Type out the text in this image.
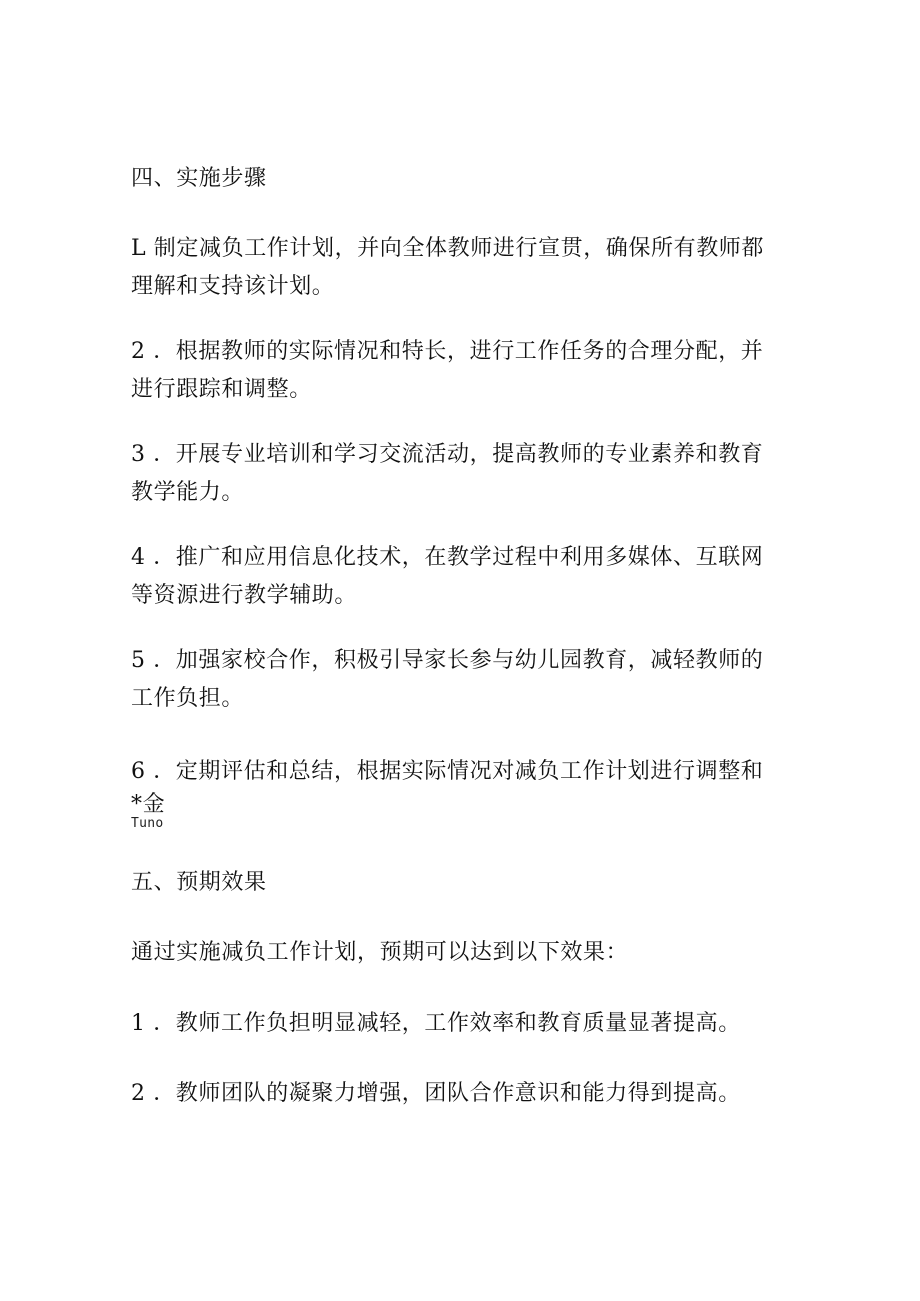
四、实施步骤
L 制定减负工作计划，并向全体教师进行宣贯，确保所有教师都
理解和支持该计划。
2 ．根据教师的实际情况和特长，进行工作任务的合理分配，并
进行跟踪和调整。
3 ．开展专业培训和学习交流活动，提高教师的专业素养和教育
教学能力。
4 ．推广和应用信息化技术，在教学过程中利用多媒体、互联网
等资源进行教学辅助。
5 ．加强家校合作，积极引导家长参与幼儿园教育，减轻教师的
工作负担。
6 ．定期评估和总结，根据实际情况对减负工作计划进行调整和
*金
Tuno
五、预期效果
通过实施减负工作计划，预期可以达到以下效果：
1 ．教师工作负担明显减轻，工作效率和教育质量显著提高。
2 ．教师团队的凝聚力增强，团队合作意识和能力得到提高。
